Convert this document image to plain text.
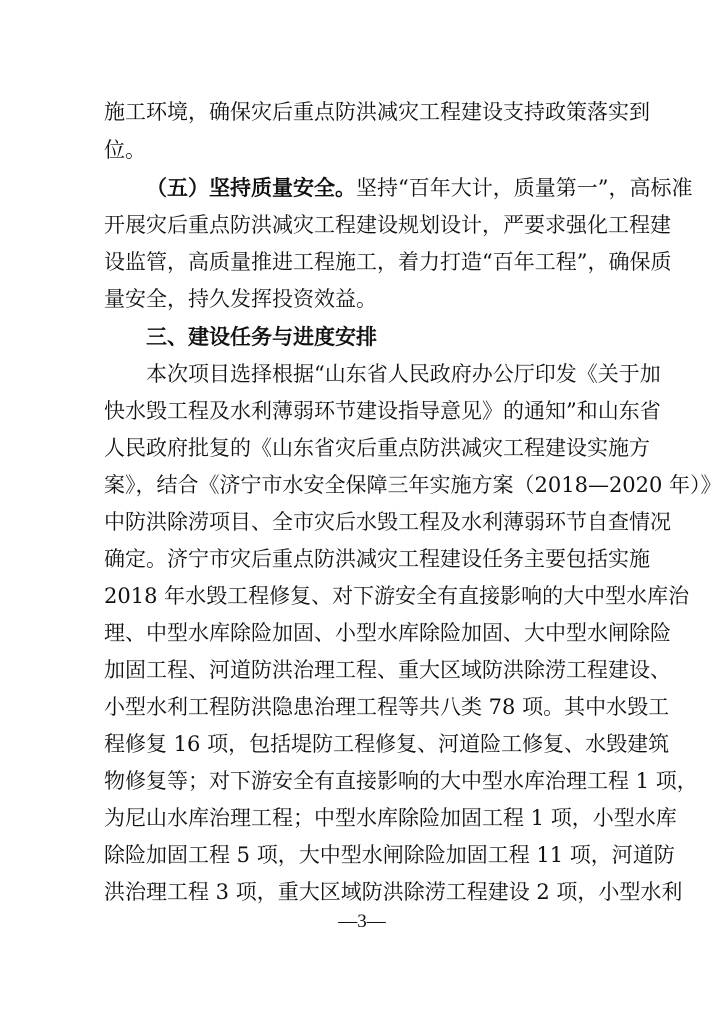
施工环境，确保灾后重点防洪减灾工程建设支持政策落实到
位。
（五）坚持质量安全。坚持“百年大计，质量第一”，高标准
开展灾后重点防洪减灾工程建设规划设计，严要求强化工程建
设监管，高质量推进工程施工，着力打造“百年工程”，确保质
量安全，持久发挥投资效益。
三、建设任务与进度安排
本次项目选择根据“山东省人民政府办公厅印发《关于加
快水毁工程及水利薄弱环节建设指导意见》的通知”和山东省
人民政府批复的《山东省灾后重点防洪减灾工程建设实施方
案》，结合《济宁市水安全保障三年实施方案（2018—2020 年）》
中防洪除涝项目、全市灾后水毁工程及水利薄弱环节自查情况
确定。济宁市灾后重点防洪减灾工程建设任务主要包括实施
2018 年水毁工程修复、对下游安全有直接影响的大中型水库治
理、中型水库除险加固、小型水库除险加固、大中型水闸除险
加固工程、河道防洪治理工程、重大区域防洪除涝工程建设、
小型水利工程防洪隐患治理工程等共八类 78 项。其中水毁工
程修复 16 项，包括堤防工程修复、河道险工修复、水毁建筑
物修复等；对下游安全有直接影响的大中型水库治理工程 1 项，
为尼山水库治理工程；中型水库除险加固工程 1 项，小型水库
除险加固工程 5 项，大中型水闸除险加固工程 11 项，河道防
洪治理工程 3 项，重大区域防洪除涝工程建设 2 项，小型水利
—3—
